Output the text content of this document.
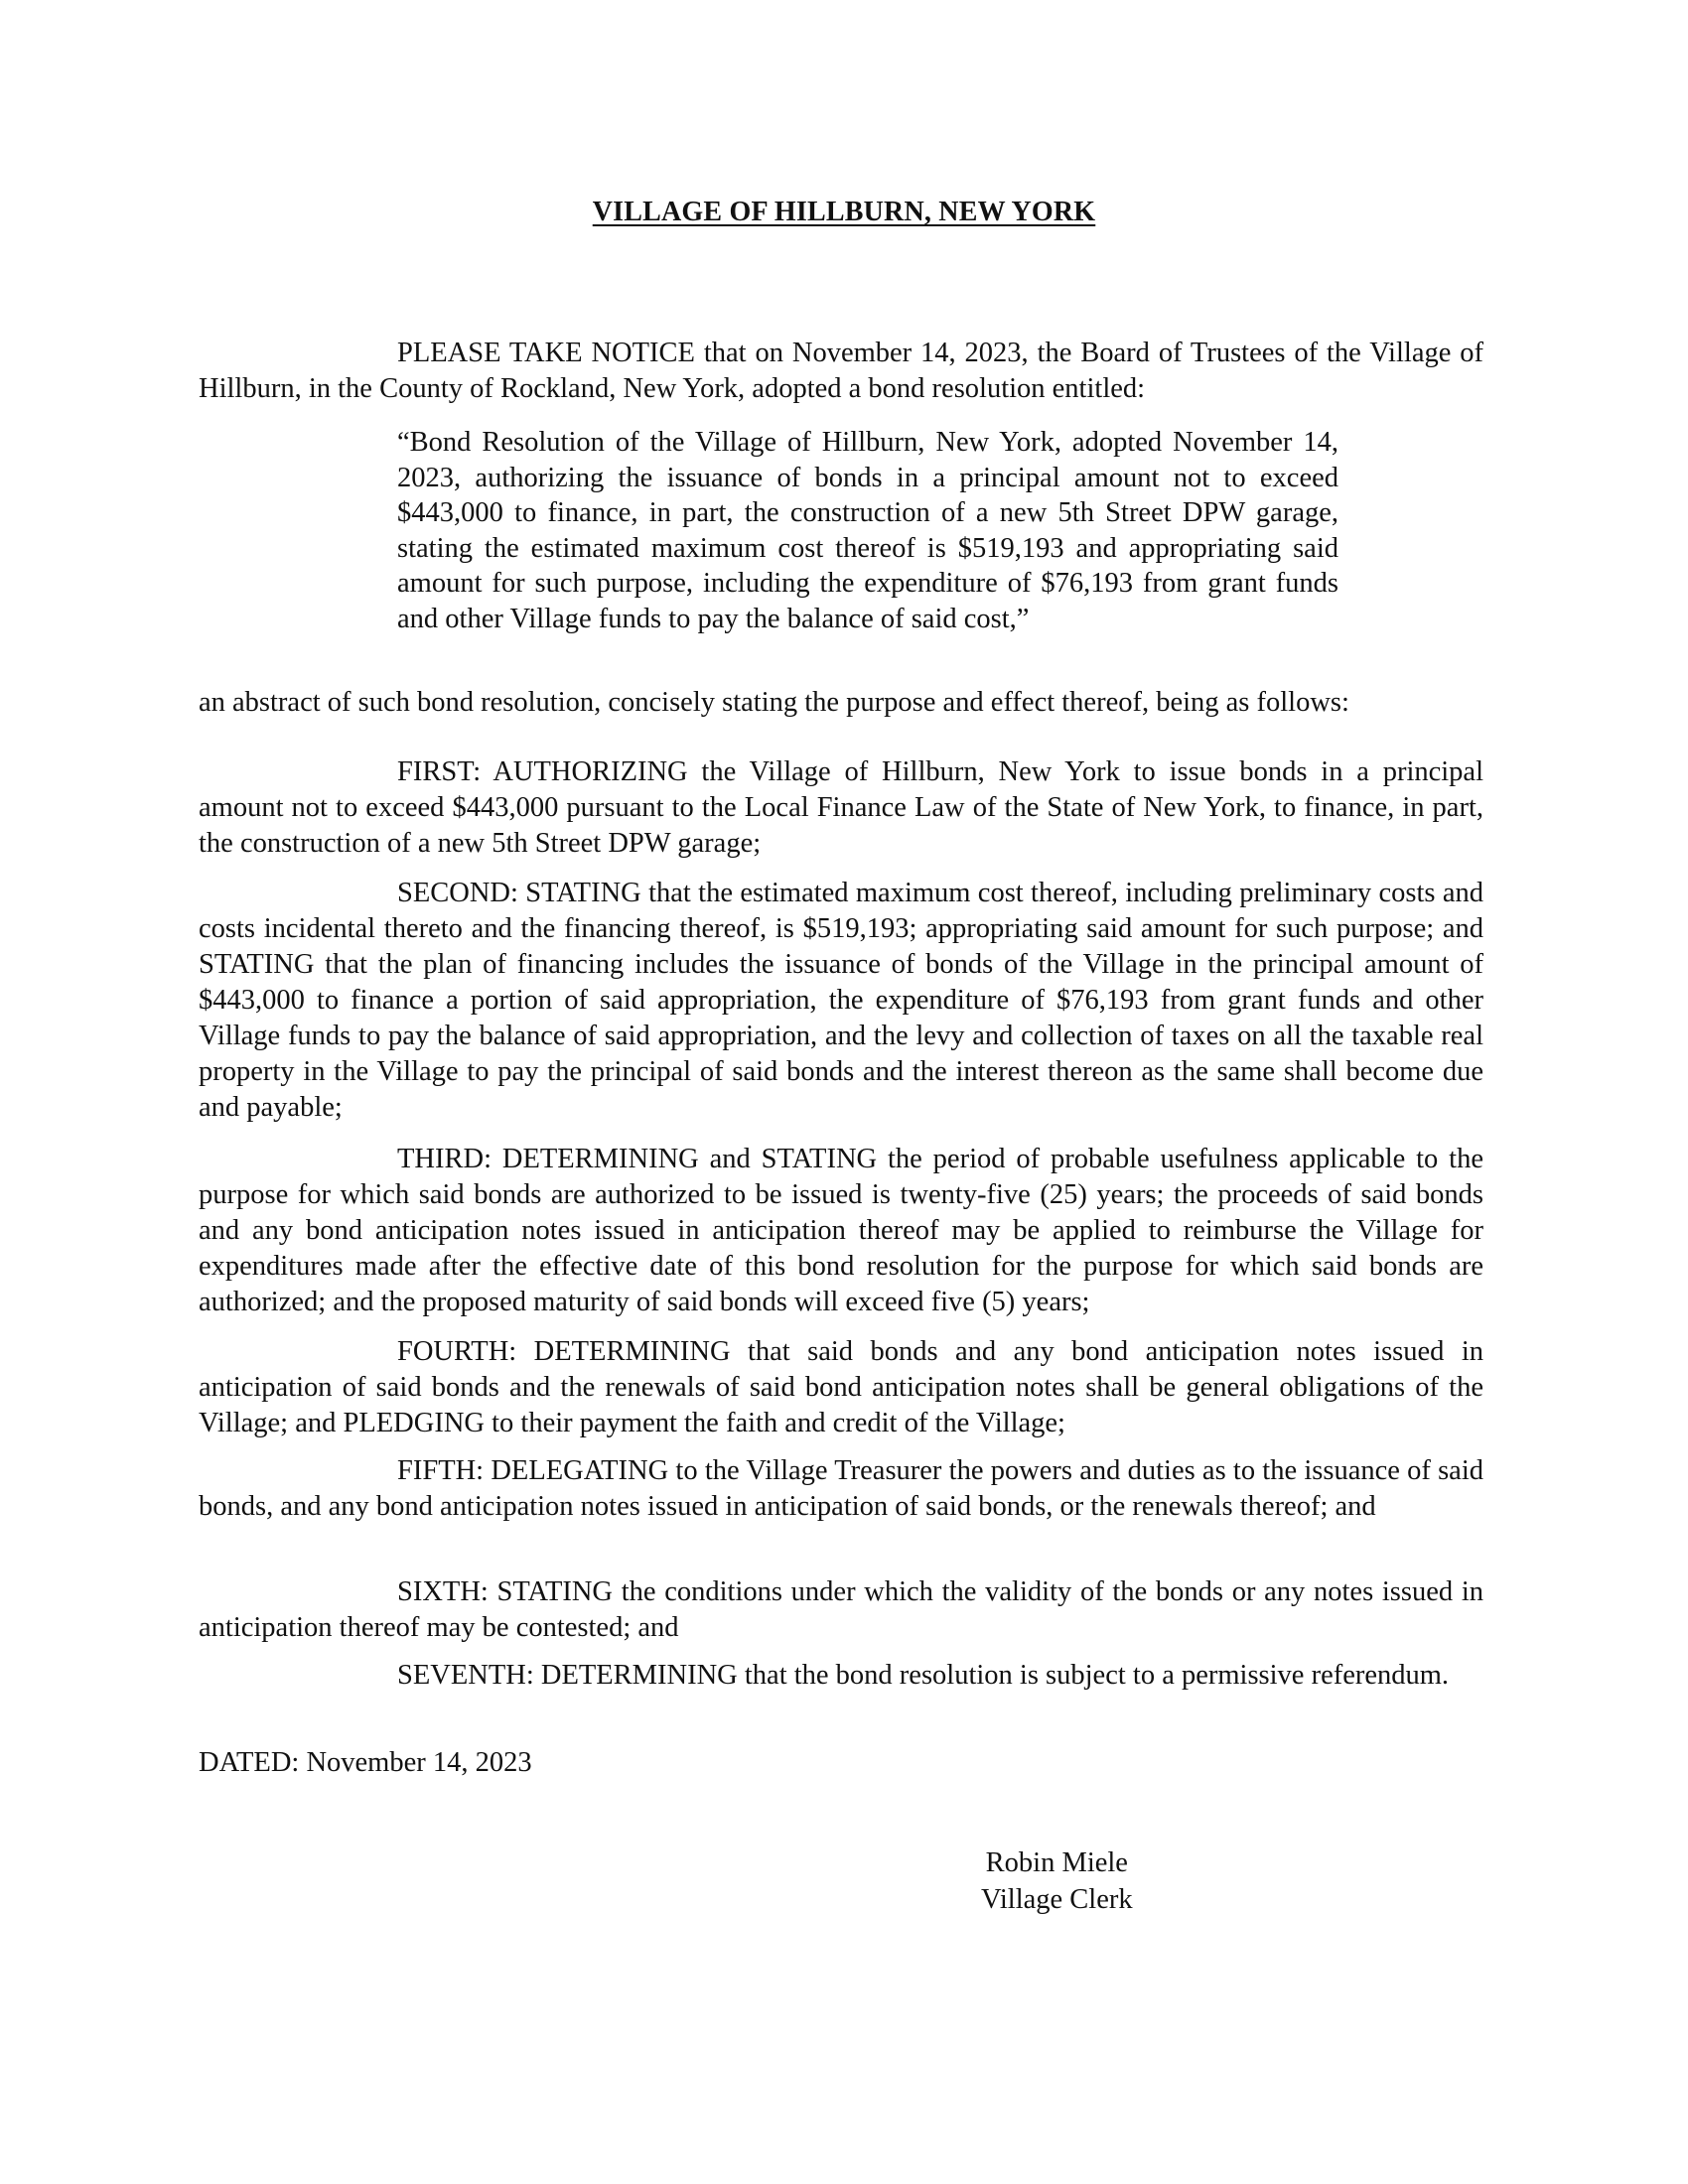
VILLAGE OF HILLBURN, NEW YORK

PLEASE TAKE NOTICE that on November 14, 2023, the Board of Trustees of the Village of Hillburn, in the County of Rockland, New York, adopted a bond resolution entitled:

“Bond Resolution of the Village of Hillburn, New York, adopted November 14, 2023, authorizing the issuance of bonds in a principal amount not to exceed $443,000 to finance, in part, the construction of a new 5th Street DPW garage, stating the estimated maximum cost thereof is $519,193 and appropriating said amount for such purpose, including the expenditure of $76,193 from grant funds and other Village funds to pay the balance of said cost,”

an abstract of such bond resolution, concisely stating the purpose and effect thereof, being as follows:

FIRST: AUTHORIZING the Village of Hillburn, New York to issue bonds in a principal amount not to exceed $443,000 pursuant to the Local Finance Law of the State of New York, to finance, in part, the construction of a new 5th Street DPW garage;

SECOND: STATING that the estimated maximum cost thereof, including preliminary costs and costs incidental thereto and the financing thereof, is $519,193; appropriating said amount for such purpose; and STATING that the plan of financing includes the issuance of bonds of the Village in the principal amount of $443,000 to finance a portion of said appropriation, the expenditure of $76,193 from grant funds and other Village funds to pay the balance of said appropriation, and the levy and collection of taxes on all the taxable real property in the Village to pay the principal of said bonds and the interest thereon as the same shall become due and payable;

THIRD: DETERMINING and STATING the period of probable usefulness applicable to the purpose for which said bonds are authorized to be issued is twenty-five (25) years; the proceeds of said bonds and any bond anticipation notes issued in anticipation thereof may be applied to reimburse the Village for expenditures made after the effective date of this bond resolution for the purpose for which said bonds are authorized; and the proposed maturity of said bonds will exceed five (5) years;

FOURTH: DETERMINING that said bonds and any bond anticipation notes issued in anticipation of said bonds and the renewals of said bond anticipation notes shall be general obligations of the Village; and PLEDGING to their payment the faith and credit of the Village;

FIFTH: DELEGATING to the Village Treasurer the powers and duties as to the issuance of said bonds, and any bond anticipation notes issued in anticipation of said bonds, or the renewals thereof; and

SIXTH: STATING the conditions under which the validity of the bonds or any notes issued in anticipation thereof may be contested; and

SEVENTH: DETERMINING that the bond resolution is subject to a permissive referendum.

DATED: November 14, 2023
Robin Miele
Village Clerk
